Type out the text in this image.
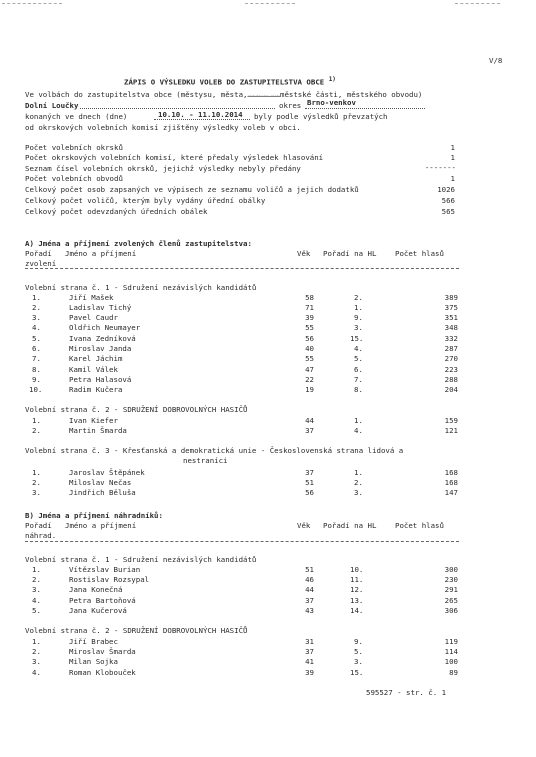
V/8
ZÁPIS O VÝSLEDKU VOLEB DO ZASTUPITELSTVA OBCE $^{1)}$
Ve volbách do zastupitelstva obce (městysu, města,statutárního městaměstské části, městského obvodu)
Dolní Loučky	okres Brno-venkov
konaných ve dnech (dne)	10.10. - 11.10.2014 byly podle výsledků převzatých
od okrskových volebních komisí zjištěny výsledky voleb v obci.
Počet volebních okrsků	1
Počet okrskových volebních komisí, které předaly výsledek hlasování	1
Seznam čísel volebních okrsků, jejichž výsledky nebyly předány	-------
Počet volebních obvodů	1
Celkový počet osob zapsaných ve výpisech ze seznamu voličů a jejich dodatků	1026
Celkový počet voličů, kterým byly vydány úřední obálky	566
Celkový počet odevzdaných úředních obálek	565
A) Jména a příjmení zvolených členů zastupitelstva:
Pořadí Jméno a příjmení	Věk Pořadí na HL	Počet hlasů
zvolení
Volební strana č. 1 - Sdružení nezávislých kandidátů
1.	Jiří Mašek	58	2.	389
2.	Ladislav Tichý	71	1.	375
3.	Pavel Caudr	39	9.	351
4.	Oldřich Neumayer	55	3.	348
5.	Ivana Zedníková	56	15.	332
6.	Miroslav Janda	40	4.	287
7.	Karel Jáchim	55	5.	270
8.	Kamil Válek	47	6.	223
9.	Petra Halasová	22	7.	288
10.	Radim Kučera	19	8.	204
Volební strana č. 2 - SDRUŽENÍ DOBROVOLNÝCH HASIČŮ
1.	Ivan Kiefer	44	1.	159
2.	Martin Šmarda	37	4.	121
Volební strana č. 3 - Křesťanská a demokratická unie - Československá strana lidová a
nestraníci
1.	Jaroslav Štěpánek	37	1.	168
2.	Miloslav Nečas	51	2.	168
3.	Jindřich Běluša	56	3.	147
B) Jména a příjmení náhradníků:
Pořadí Jméno a příjmení	Věk Pořadí na HL	Počet hlasů
náhrad.
Volební strana č. 1 - Sdružení nezávislých kandidátů
1.	Vítězslav Burian	51	10.	300
2.	Rostislav Rozsypal	46	11.	230
3.	Jana Konečná	44	12.	291
4.	Petra Bartoňová	37	13.	265
5.	Jana Kučerová	43	14.	306
Volební strana č. 2 - SDRUŽENÍ DOBROVOLNÝCH HASIČŮ
1.	Jiří Brabec	31	9.	119
2.	Miroslav Šmarda	37	5.	114
3.	Milan Sojka	41	3.	100
4.	Roman Klobouček	39	15.	89
595527 - str. č. 1
